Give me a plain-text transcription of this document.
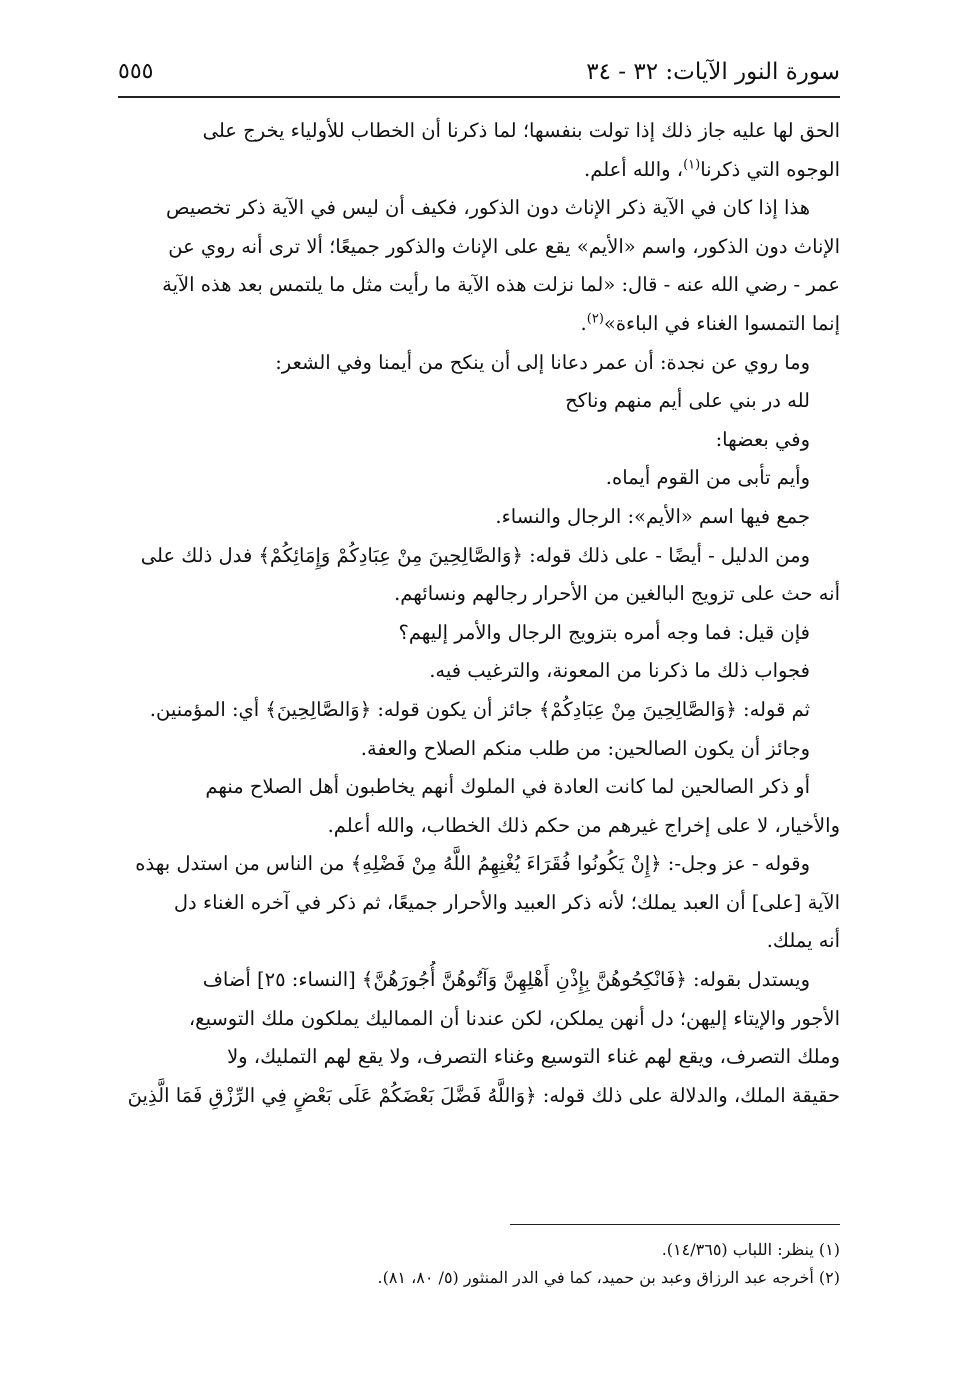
سورة النور الآيات: ٣٢ - ٣٤
٥٥٥

الحق لها عليه جاز ذلك إذا تولت بنفسها؛ لما ذكرنا أن الخطاب للأولياء يخرج على

الوجوه التي ذكرنا$^{(١)}$، والله أعلم.

هذا إذا كان في الآية ذكر الإناث دون الذكور، فكيف أن ليس في الآية ذكر تخصيص

الإناث دون الذكور، واسم «الأيم» يقع على الإناث والذكور جميعًا؛ ألا ترى أنه روي عن

عمر - رضي الله عنه - قال: «لما نزلت هذه الآية ما رأيت مثل ما يلتمس بعد هذه الآية

إنما التمسوا الغناء في الباءة»$^{(٢)}$.

وما روي عن نجدة: أن عمر دعانا إلى أن ينكح من أيمنا وفي الشعر:

لله در بني على أيم منهم وناكح

وفي بعضها:

وأيم تأبى من القوم أيماه.

جمع فيها اسم «الأيم»: الرجال والنساء.

ومن الدليل - أيضًا - على ذلك قوله: ﴿وَالصَّالِحِينَ مِنْ عِبَادِكُمْ وَإِمَائِكُمْ﴾ فدل ذلك على

أنه حث على تزويج البالغين من الأحرار رجالهم ونسائهم.

فإن قيل: فما وجه أمره بتزويج الرجال والأمر إليهم؟

فجواب ذلك ما ذكرنا من المعونة، والترغيب فيه.

ثم قوله: ﴿وَالصَّالِحِينَ مِنْ عِبَادِكُمْ﴾ جائز أن يكون قوله: ﴿وَالصَّالِحِينَ﴾ أي: المؤمنين.

وجائز أن يكون الصالحين: من طلب منكم الصلاح والعفة.

أو ذكر الصالحين لما كانت العادة في الملوك أنهم يخاطبون أهل الصلاح منهم

والأخيار، لا على إخراج غيرهم من حكم ذلك الخطاب، والله أعلم.

وقوله - عز وجل-: ﴿إِنْ يَكُونُوا فُقَرَاءَ يُغْنِهِمُ اللَّهُ مِنْ فَضْلِهِ﴾ من الناس من استدل بهذه

الآية [على] أن العبد يملك؛ لأنه ذكر العبيد والأحرار جميعًا، ثم ذكر في آخره الغناء دل

أنه يملك.

ويستدل بقوله: ﴿فَانْكِحُوهُنَّ بِإِذْنِ أَهْلِهِنَّ وَآتُوهُنَّ أُجُورَهُنَّ﴾ [النساء: ٢٥] أضاف

الأجور والإيتاء إليهن؛ دل أنهن يملكن، لكن عندنا أن المماليك يملكون ملك التوسيع،

وملك التصرف، ويقع لهم غناء التوسيع وغناء التصرف، ولا يقع لهم التمليك، ولا

حقيقة الملك، والدلالة على ذلك قوله: ﴿وَاللَّهُ فَضَّلَ بَعْضَكُمْ عَلَى بَعْضٍ فِي الرِّزْقِ فَمَا الَّذِينَ

(١) ينظر: اللباب (١٤/٣٦٥).

(٢) أخرجه عبد الرزاق وعبد بن حميد، كما في الدر المنثور (٥/ ٨٠، ٨١).
